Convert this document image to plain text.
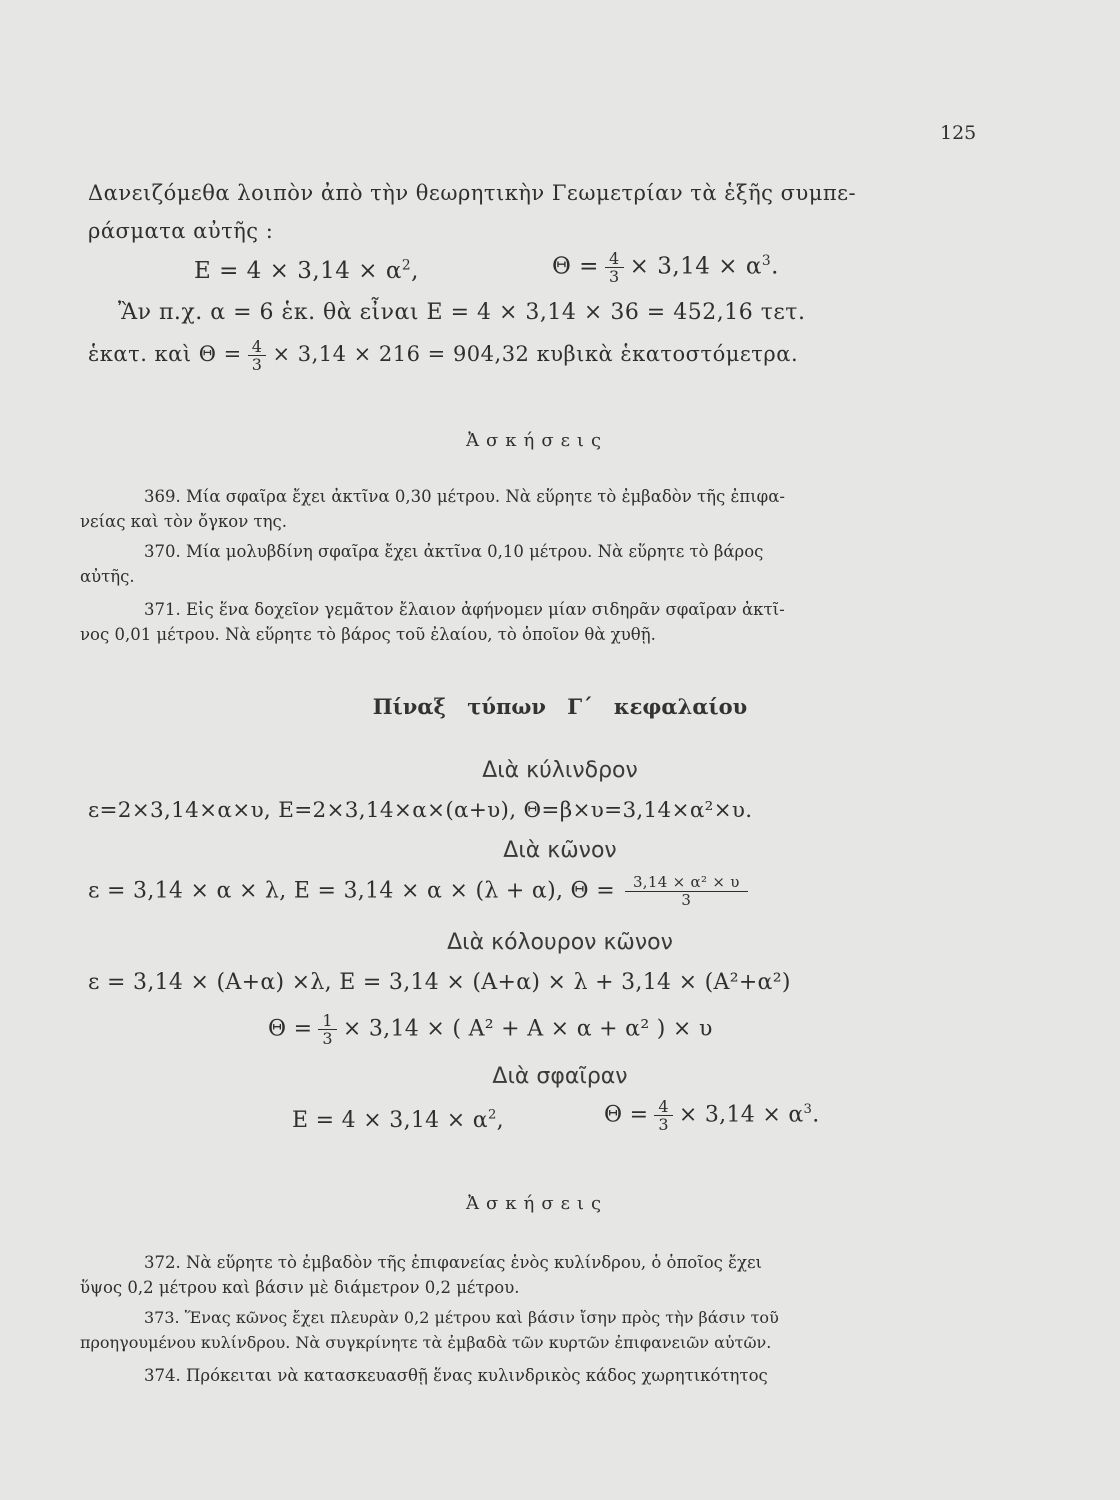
125
Δανειζόμεθα λοιπὸν ἀπὸ τὴν θεωρητικὴν Γεωμετρίαν τὰ ἑξῆς συμπε-
ράσματα αὐτῆς :
$E = 4 \times 3,14 \times \alpha^2$,	$\Theta = \frac{4}{3} \times 3,14 \times \alpha^3$.
Ἂν π.χ. α = 6 ἑκ. θὰ εἶναι E = 4 × 3,14 × 36 = 452,16 τετ.
ἑκατ. καὶ $\Theta = \frac{4}{3} \times 3,14 \times 216 = 904,32$ κυβικὰ ἑκατοστόμετρα.
Ἀσκήσεις
369. Μία σφαῖρα ἔχει ἀκτῖνα 0,30 μέτρου. Νὰ εὕρητε τὸ ἐμβαδὸν τῆς ἐπιφα-
νείας καὶ τὸν ὄγκον της.
370. Μία μολυβδίνη σφαῖρα ἔχει ἀκτῖνα 0,10 μέτρου. Νὰ εὕρητε τὸ βάρος
αὐτῆς.
371. Εἰς ἕνα δοχεῖον γεμᾶτον ἔλαιον ἀφήνομεν μίαν σιδηρᾶν σφαῖραν ἀκτῖ-
νος 0,01 μέτρου. Νὰ εὕρητε τὸ βάρος τοῦ ἐλαίου, τὸ ὁποῖον θὰ χυθῇ.
Πίναξ τύπων Γ΄ κεφαλαίου
Διὰ κύλινδρον
ε=2×3,14×α×υ, E=2×3,14×α×(α+υ), Θ=β×υ=3,14×α²×υ.
Διὰ κῶνον
ε = 3,14 × α × λ, E = 3,14 × α × (λ + α), $\Theta = \frac{\text{3,14 × α² × υ}}{3}$
Διὰ κόλουρον κῶνον
ε = 3,14 × (A+α) ×λ, E = 3,14 × (A+α) × λ + 3,14 × (A²+α²)
$\Theta = \frac{1}{3} \times 3,14$ × ( A² + A × α + α² ) × υ
Διὰ σφαῖραν
$E = 4 \times 3,14 \times \alpha^2$,	$\Theta = \frac{4}{3} \times 3,14 \times \alpha^3$.
Ἀσκήσεις
372. Νὰ εὕρητε τὸ ἐμβαδὸν τῆς ἐπιφανείας ἑνὸς κυλίνδρου, ὁ ὁποῖος ἔχει
ὕψος 0,2 μέτρου καὶ βάσιν μὲ διάμετρον 0,2 μέτρου.
373. Ἕνας κῶνος ἔχει πλευρὰν 0,2 μέτρου καὶ βάσιν ἴσην πρὸς τὴν βάσιν τοῦ
προηγουμένου κυλίνδρου. Νὰ συγκρίνητε τὰ ἐμβαδὰ τῶν κυρτῶν ἐπιφανειῶν αὐτῶν.
374. Πρόκειται νὰ κατασκευασθῇ ἕνας κυλινδρικὸς κάδος χωρητικότητος
